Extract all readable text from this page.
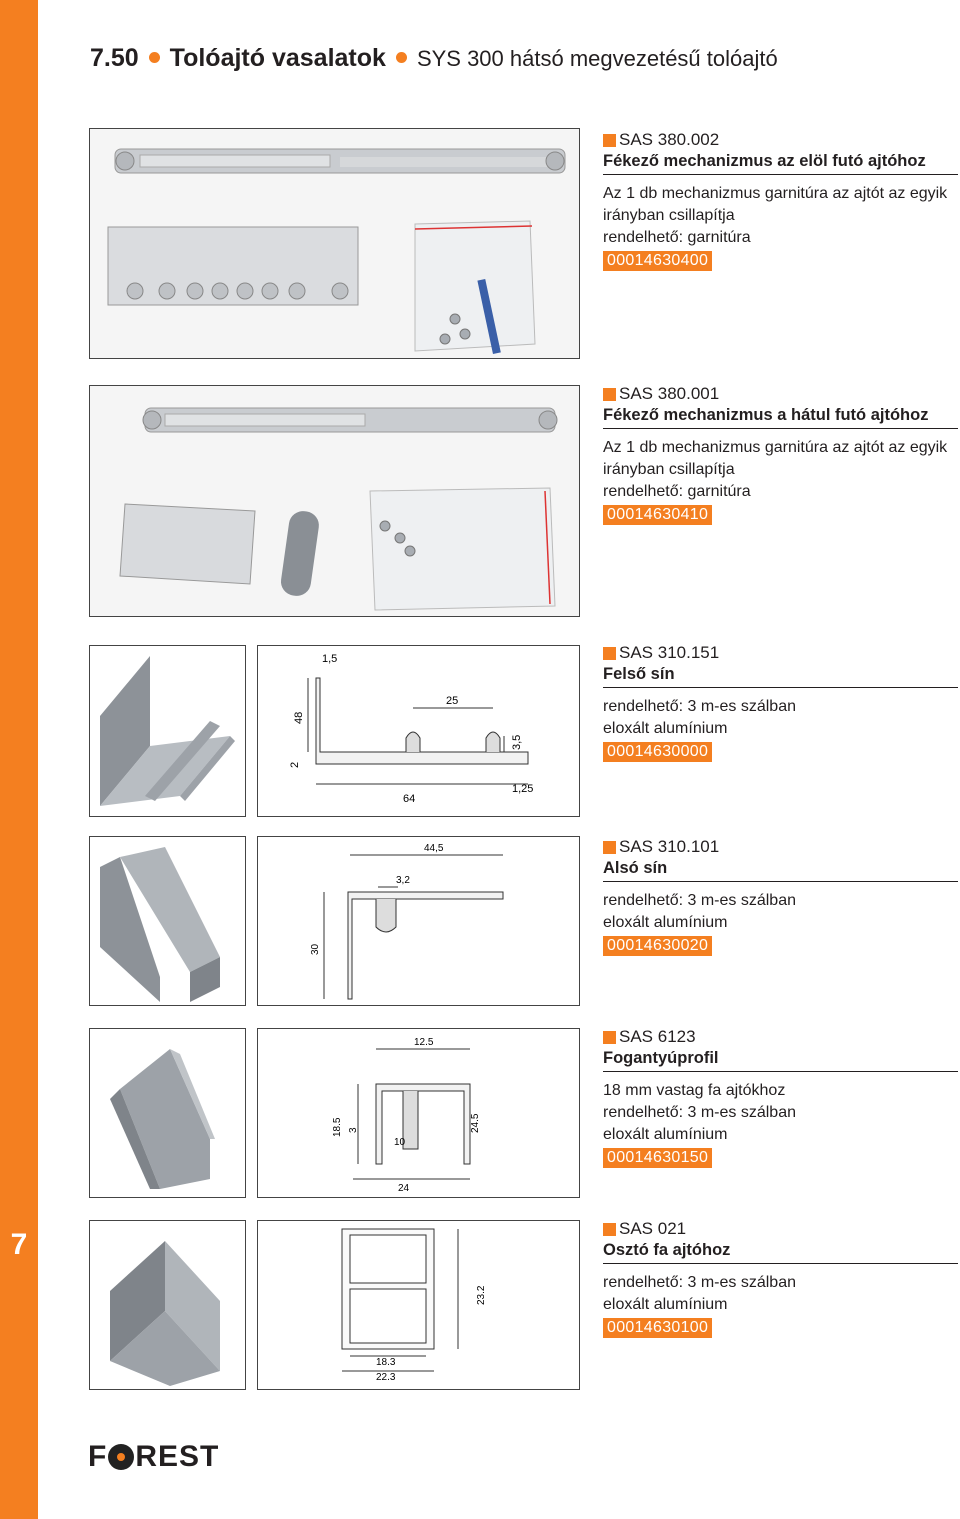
7
7.50 Tolóajtó vasalatok SYS 300 hátsó megvezetésű tolóajtó
SAS 380.002
Fékező mechanizmus az elöl futó ajtóhoz
Az 1 db mechanizmus garnitúra az ajtót az egyik
irányban csillapítja
rendelhető: garnitúra
00014630400
SAS 380.001
Fékező mechanizmus a hátul futó ajtóhoz
Az 1 db mechanizmus garnitúra az ajtót az egyik
irányban csillapítja
rendelhető: garnitúra
00014630410
1,5
25
48
2
3,5
64
1,25
SAS 310.151
Felső sín
rendelhető: 3 m-es szálban
eloxált alumínium
00014630000
44,5
3,2
30
SAS 310.101
Alsó sín
rendelhető: 3 m-es szálban
eloxált alumínium
00014630020
12.5
18.5 3
10
24.5
24
SAS 6123
Fogantyúprofil
18 mm vastag fa ajtókhoz
rendelhető: 3 m-es szálban
eloxált alumínium
00014630150
23.2
18.3
22.3
SAS 021
Osztó fa ajtóhoz
rendelhető: 3 m-es szálban
eloxált alumínium
00014630100
F REST
